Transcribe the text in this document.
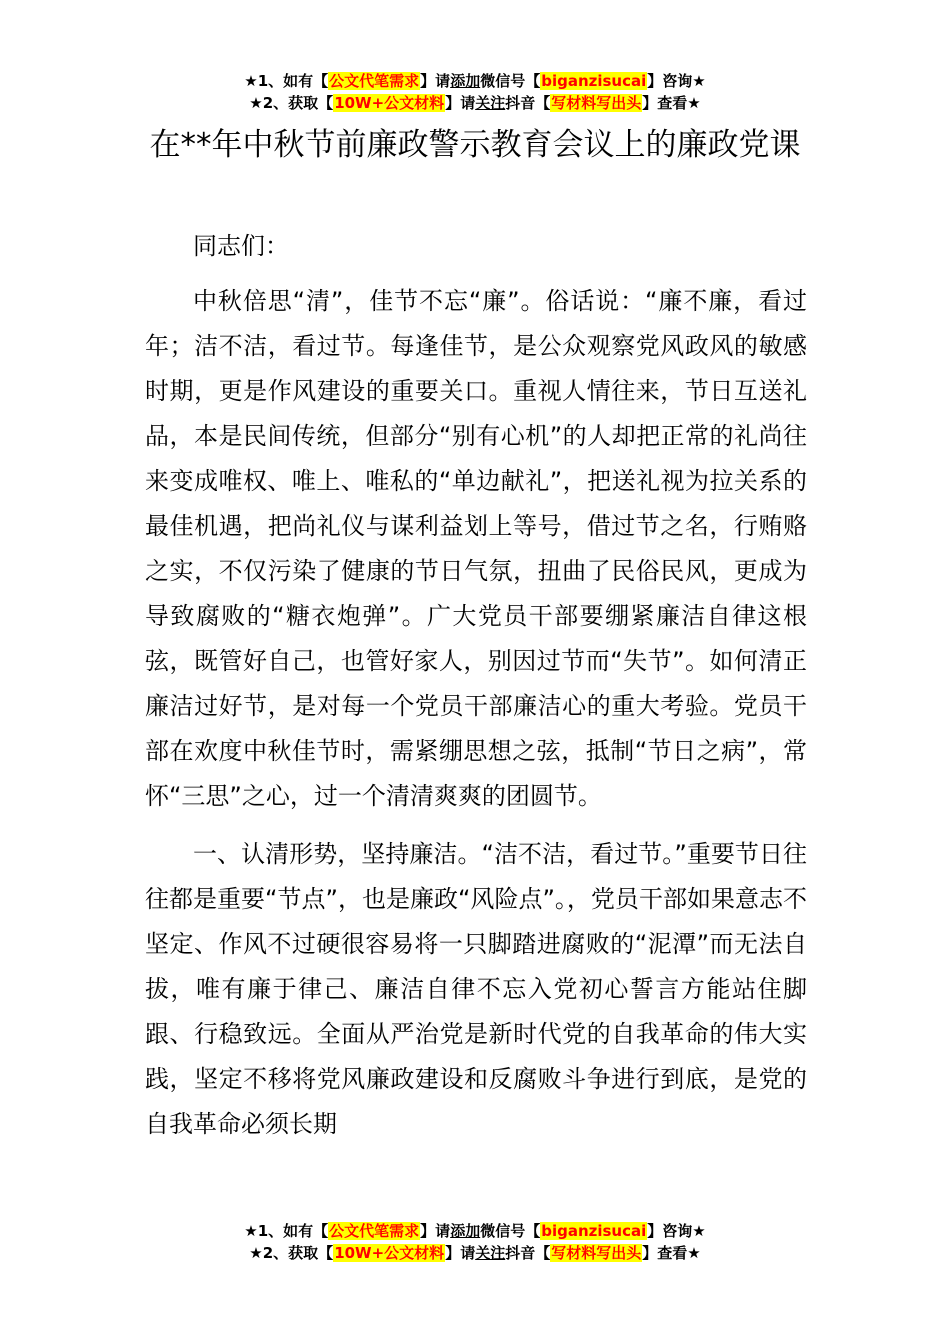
★1、如有【公文代笔需求】请添加微信号【biganzisucai】咨询★
★2、获取【10W+公文材料】请关注抖音【写材料写出头】查看★
在**年中秋节前廉政警示教育会议上的廉政党课

同志们：

中秋倍思“清”，佳节不忘“廉”。俗话说：“廉不廉，看过年；洁不洁，看过节。每逢佳节，是公众观察党风政风的敏感时期，更是作风建设的重要关口。重视人情往来，节日互送礼品，本是民间传统，但部分“别有心机”的人却把正常的礼尚往来变成唯权、唯上、唯私的“单边献礼”，把送礼视为拉关系的最佳机遇，把尚礼仪与谋利益划上等号，借过节之名，行贿赂之实，不仅污染了健康的节日气氛，扭曲了民俗民风，更成为导致腐败的“糖衣炮弹”。广大党员干部要绷紧廉洁自律这根弦，既管好自己，也管好家人，别因过节而“失节”。如何清正廉洁过好节，是对每一个党员干部廉洁心的重大考验。党员干部在欢度中秋佳节时，需紧绷思想之弦，抵制“节日之病”，常怀“三思”之心，过一个清清爽爽的团圆节。

一、认清形势，坚持廉洁。“洁不洁，看过节。”重要节日往往都是重要“节点”，也是廉政“风险点”。，党员干部如果意志不坚定、作风不过硬很容易将一只脚踏进腐败的“泥潭”而无法自拔，唯有廉于律己、廉洁自律不忘入党初心誓言方能站住脚跟、行稳致远。全面从严治党是新时代党的自我革命的伟大实践，坚定不移将党风廉政建设和反腐败斗争进行到底，是党的自我革命必须长期

★1、如有【公文代笔需求】请添加微信号【biganzisucai】咨询★
★2、获取【10W+公文材料】请关注抖音【写材料写出头】查看★
